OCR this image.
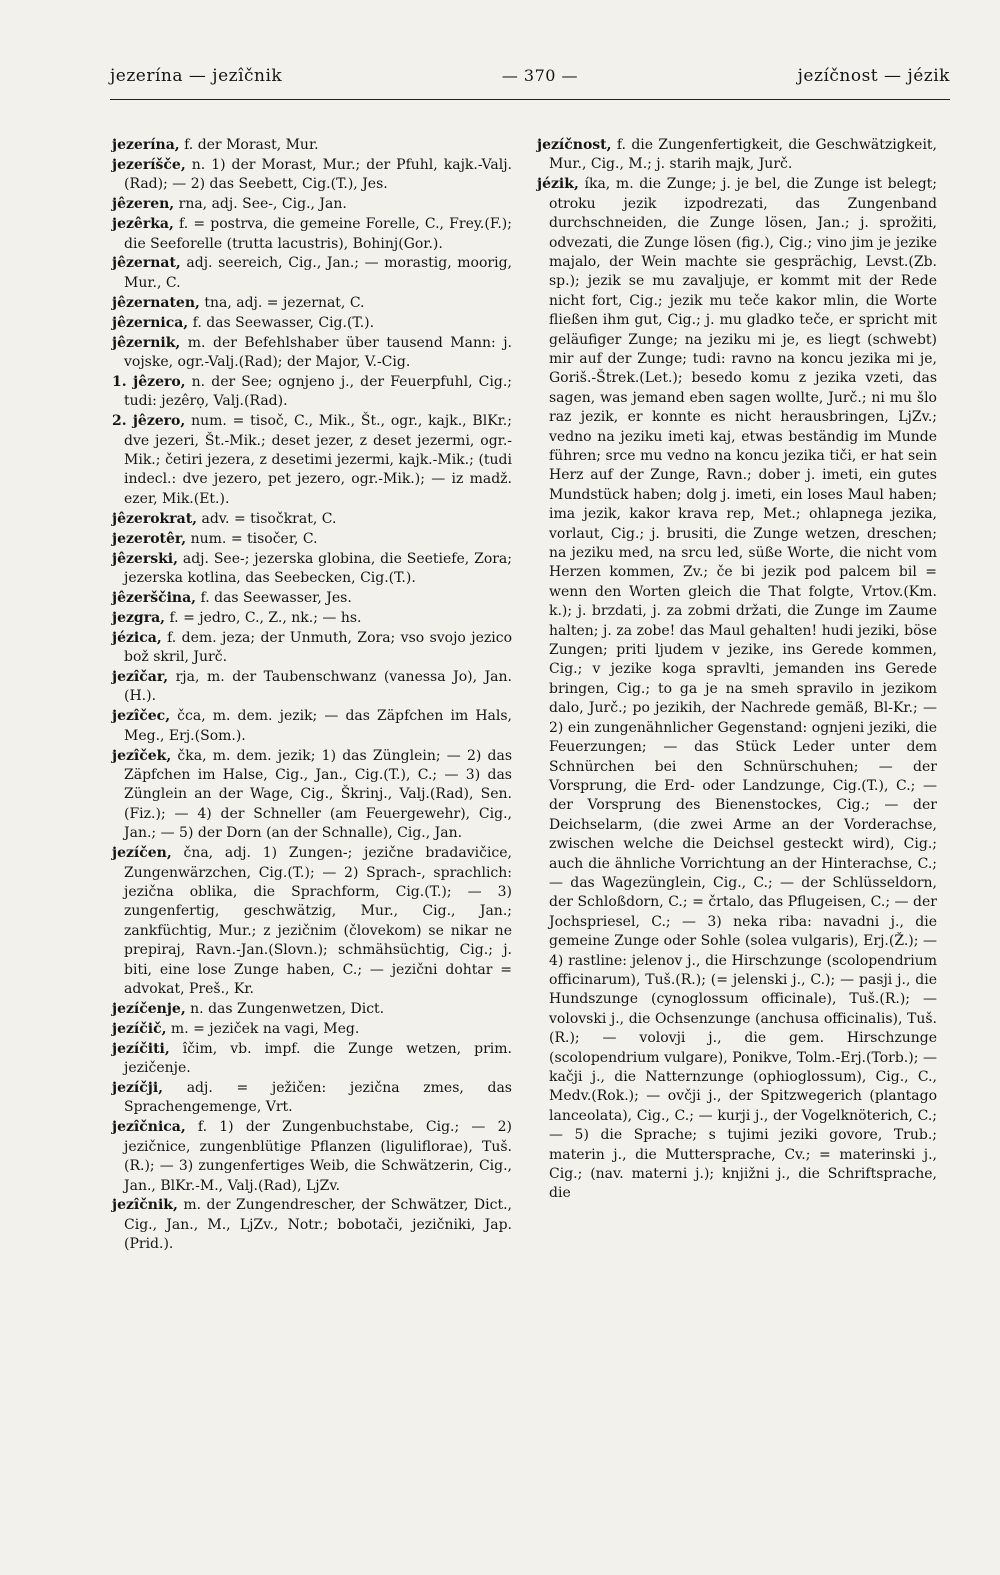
jezerína — jezîčnik	— 370 —	jezíčnost — jézik
jezerína, f. der Morast, Mur.
jezeríšče, n. 1) der Morast, Mur.; der Pfuhl, kajk.-Valj.(Rad); — 2) das Seebett, Cig.(T.), Jes.
jêzeren, rna, adj. See-, Cig., Jan.
jezêrka, f. = postrva, die gemeine Forelle, C., Frey.(F.); die Seeforelle (trutta lacustris), Bohinj(Gor.).
jêzernat, adj. seereich, Cig., Jan.; — morastig, moorig, Mur., C.
jêzernaten, tna, adj. = jezernat, C.
jêzernica, f. das Seewasser, Cig.(T.).
jêzernik, m. der Befehlshaber über tausend Mann: j. vojske, ogr.-Valj.(Rad); der Major, V.-Cig.
1. jêzero, n. der See; ognjeno j., der Feuerpfuhl, Cig.; tudi: jezêrọ, Valj.(Rad).
2. jêzero, num. = tisoč, C., Mik., Št., ogr., kajk., BlKr.; dve jezeri, Št.-Mik.; deset jezer, z deset jezermi, ogr.-Mik.; četiri jezera, z desetimi jezermi, kajk.-Mik.; (tudi indecl.: dve jezero, pet jezero, ogr.-Mik.); — iz madž. ezer, Mik.(Et.).
jêzerokrat, adv. = tisočkrat, C.
jezerotêr, num. = tisočer, C.
jêzerski, adj. See-; jezerska globina, die Seetiefe, Zora; jezerska kotlina, das Seebecken, Cig.(T.).
jêzerščina, f. das Seewasser, Jes.
jezgra, f. = jedro, C., Z., nk.; — hs.
jézica, f. dem. jeza; der Unmuth, Zora; vso svojo jezico bož skril, Jurč.
jezîčar, rja, m. der Taubenschwanz (vanessa Jo), Jan.(H.).
jezîčec, čca, m. dem. jezik; — das Zäpfchen im Hals, Meg., Erj.(Som.).
jezîček, čka, m. dem. jezik; 1) das Zünglein; — 2) das Zäpfchen im Halse, Cig., Jan., Cig.(T.), C.; — 3) das Zünglein an der Wage, Cig., Škrinj., Valj.(Rad), Sen.(Fiz.); — 4) der Schneller (am Feuergewehr), Cig., Jan.; — 5) der Dorn (an der Schnalle), Cig., Jan.
jezíčen, čna, adj. 1) Zungen-; jezične bradavičice, Zungenwärzchen, Cig.(T.); — 2) Sprach-, sprachlich: jezična oblika, die Sprachform, Cig.(T.); — 3) zungenfertig, geschwätzig, Mur., Cig., Jan.; zankfüchtig, Mur.; z jezičnim (človekom) se nikar ne prepiraj, Ravn.-Jan.(Slovn.); schmähsüchtig, Cig.; j. biti, eine lose Zunge haben, C.; — jezični dohtar = advokat, Preš., Kr.
jezíčenje, n. das Zungenwetzen, Dict.
jezíčič, m. = jeziček na vagi, Meg.
jezíčiti, îčim, vb. impf. die Zunge wetzen, prim. jezičenje.
jezíčji, adj. = ježičen: jezična zmes, das Sprachengemenge, Vrt.
jezîčnica, f. 1) der Zungenbuchstabe, Cig.; — 2) jezičnice, zungenblütige Pflanzen (liguliflorae), Tuš.(R.); — 3) zungenfertiges Weib, die Schwätzerin, Cig., Jan., BlKr.-M., Valj.(Rad), LjZv.
jezîčnik, m. der Zungendrescher, der Schwätzer, Dict., Cig., Jan., M., LjZv., Notr.; bobotači, jezičniki, Jap.(Prid.).
jezíčnost, f. die Zungenfertigkeit, die Geschwätzigkeit, Mur., Cig., M.; j. starih majk, Jurč.
jézik, íka, m. die Zunge; j. je bel, die Zunge ist belegt; otroku jezik izpodrezati, das Zungenband durchschneiden, die Zunge lösen, Jan.; j. sprožiti, odvezati, die Zunge lösen (fig.), Cig.; vino jim je jezike majalo, der Wein machte sie gesprächig, Levst.(Zb. sp.); jezik se mu zavaljuje, er kommt mit der Rede nicht fort, Cig.; jezik mu teče kakor mlin, die Worte fließen ihm gut, Cig.; j. mu gladko teče, er spricht mit geläufiger Zunge; na jeziku mi je, es liegt (schwebt) mir auf der Zunge; tudi: ravno na koncu jezika mi je, Goriš.-Štrek.(Let.); besedo komu z jezika vzeti, das sagen, was jemand eben sagen wollte, Jurč.; ni mu šlo raz jezik, er konnte es nicht herausbringen, LjZv.; vedno na jeziku imeti kaj, etwas beständig im Munde führen; srce mu vedno na koncu jezika tiči, er hat sein Herz auf der Zunge, Ravn.; dober j. imeti, ein gutes Mundstück haben; dolg j. imeti, ein loses Maul haben; ima jezik, kakor krava rep, Met.; ohlapnega jezika, vorlaut, Cig.; j. brusiti, die Zunge wetzen, dreschen; na jeziku med, na srcu led, süße Worte, die nicht vom Herzen kommen, Zv.; če bi jezik pod palcem bil = wenn den Worten gleich die That folgte, Vrtov.(Km. k.); j. brzdati, j. za zobmi držati, die Zunge im Zaume halten; j. za zobe! das Maul gehalten! hudi jeziki, böse Zungen; priti ljudem v jezike, ins Gerede kommen, Cig.; v jezike koga spravlti, jemanden ins Gerede bringen, Cig.; to ga je na smeh spravilo in jezikom dalo, Jurč.; po jezikih, der Nachrede gemäß, Bl-Kr.; — 2) ein zungenähnlicher Gegenstand: ognjeni jeziki, die Feuerzungen; — das Stück Leder unter dem Schnürchen bei den Schnürschuhen; — der Vorsprung, die Erd- oder Landzunge, Cig.(T.), C.; — der Vorsprung des Bienenstockes, Cig.; — der Deichselarm, (die zwei Arme an der Vorderachse, zwischen welche die Deichsel gesteckt wird), Cig.; auch die ähnliche Vorrichtung an der Hinterachse, C.; — das Wagezünglein, Cig., C.; — der Schlüsseldorn, der Schloßdorn, C.; = črtalo, das Pflugeisen, C.; — der Jochspriesel, C.; — 3) neka riba: navadni j., die gemeine Zunge oder Sohle (solea vulgaris), Erj.(Ž.); — 4) rastline: jelenov j., die Hirschzunge (scolopendrium officinarum), Tuš.(R.); (= jelenski j., C.); — pasji j., die Hundszunge (cynoglossum officinale), Tuš.(R.); — volovski j., die Ochsenzunge (anchusa officinalis), Tuš.(R.); — volovji j., die gem. Hirschzunge (scolopendrium vulgare), Ponikve, Tolm.-Erj.(Torb.); — kačji j., die Natternzunge (ophioglossum), Cig., C., Medv.(Rok.); — ovčji j., der Spitzwegerich (plantago lanceolata), Cig., C.; — kurji j., der Vogelknöterich, C.; — 5) die Sprache; s tujimi jeziki govore, Trub.; materin j., die Muttersprache, Cv.; = materinski j., Cig.; (nav. materni j.); knjižni j., die Schriftsprache, die
